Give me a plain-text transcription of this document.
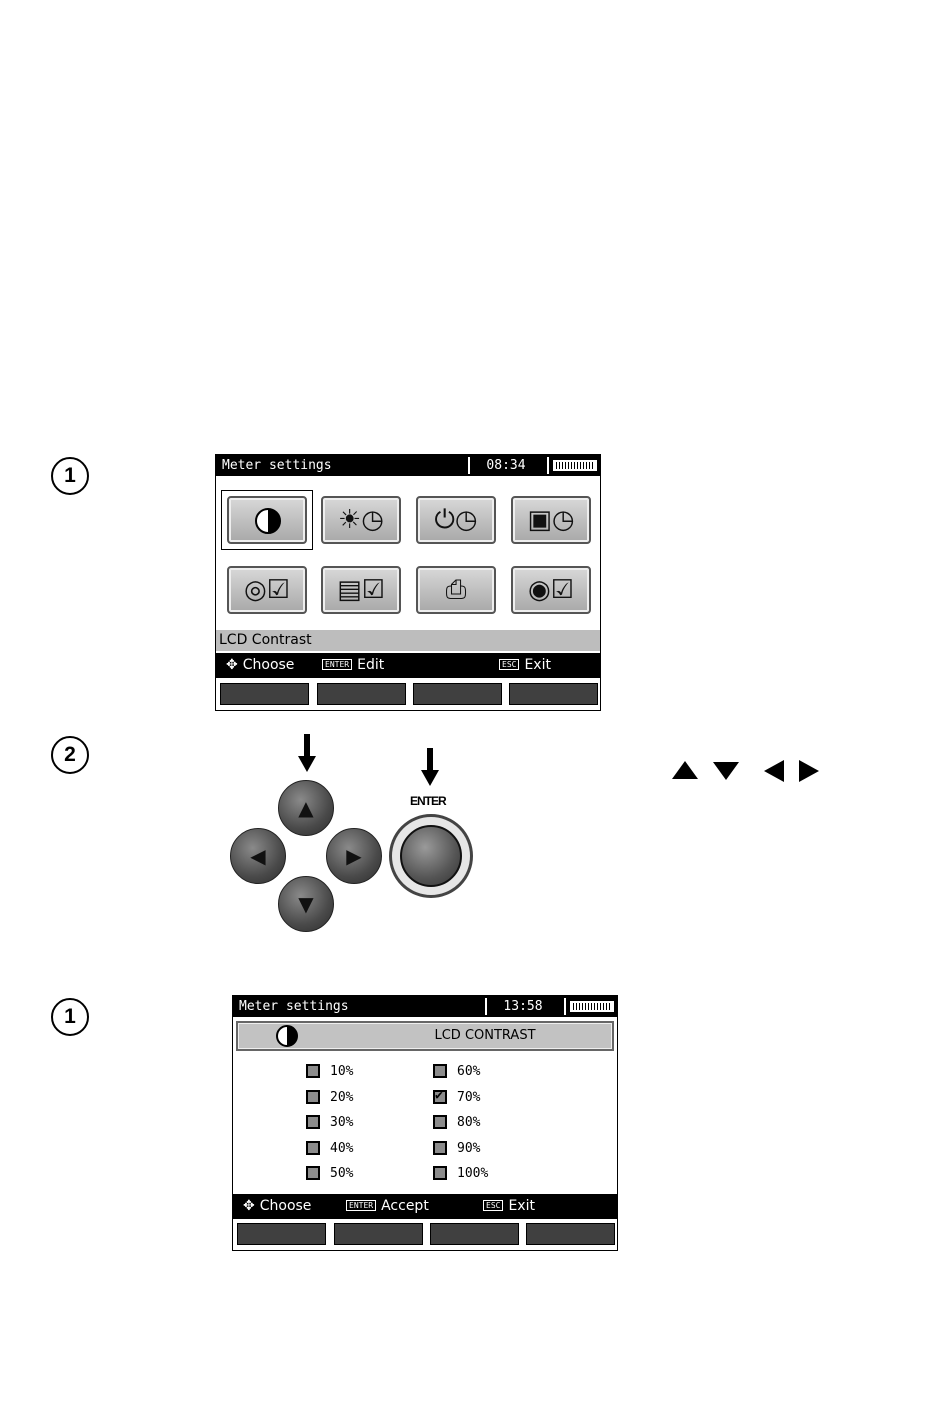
1
2
1
Meter settings	08:34
☀◷	⏻◷	▣◷
◎☑	▤☑	⎙	◉☑
LCD Contrast
✥ Choose	ENTER Edit	ESC Exit
▲
◀	▶
▼
ENTER
Meter settings	13:58
LCD CONTRAST
10%
20%
30%
40%
50%
60%
✔70%
80%
90%
100%
✥ Choose	ENTER Accept	ESC Exit
